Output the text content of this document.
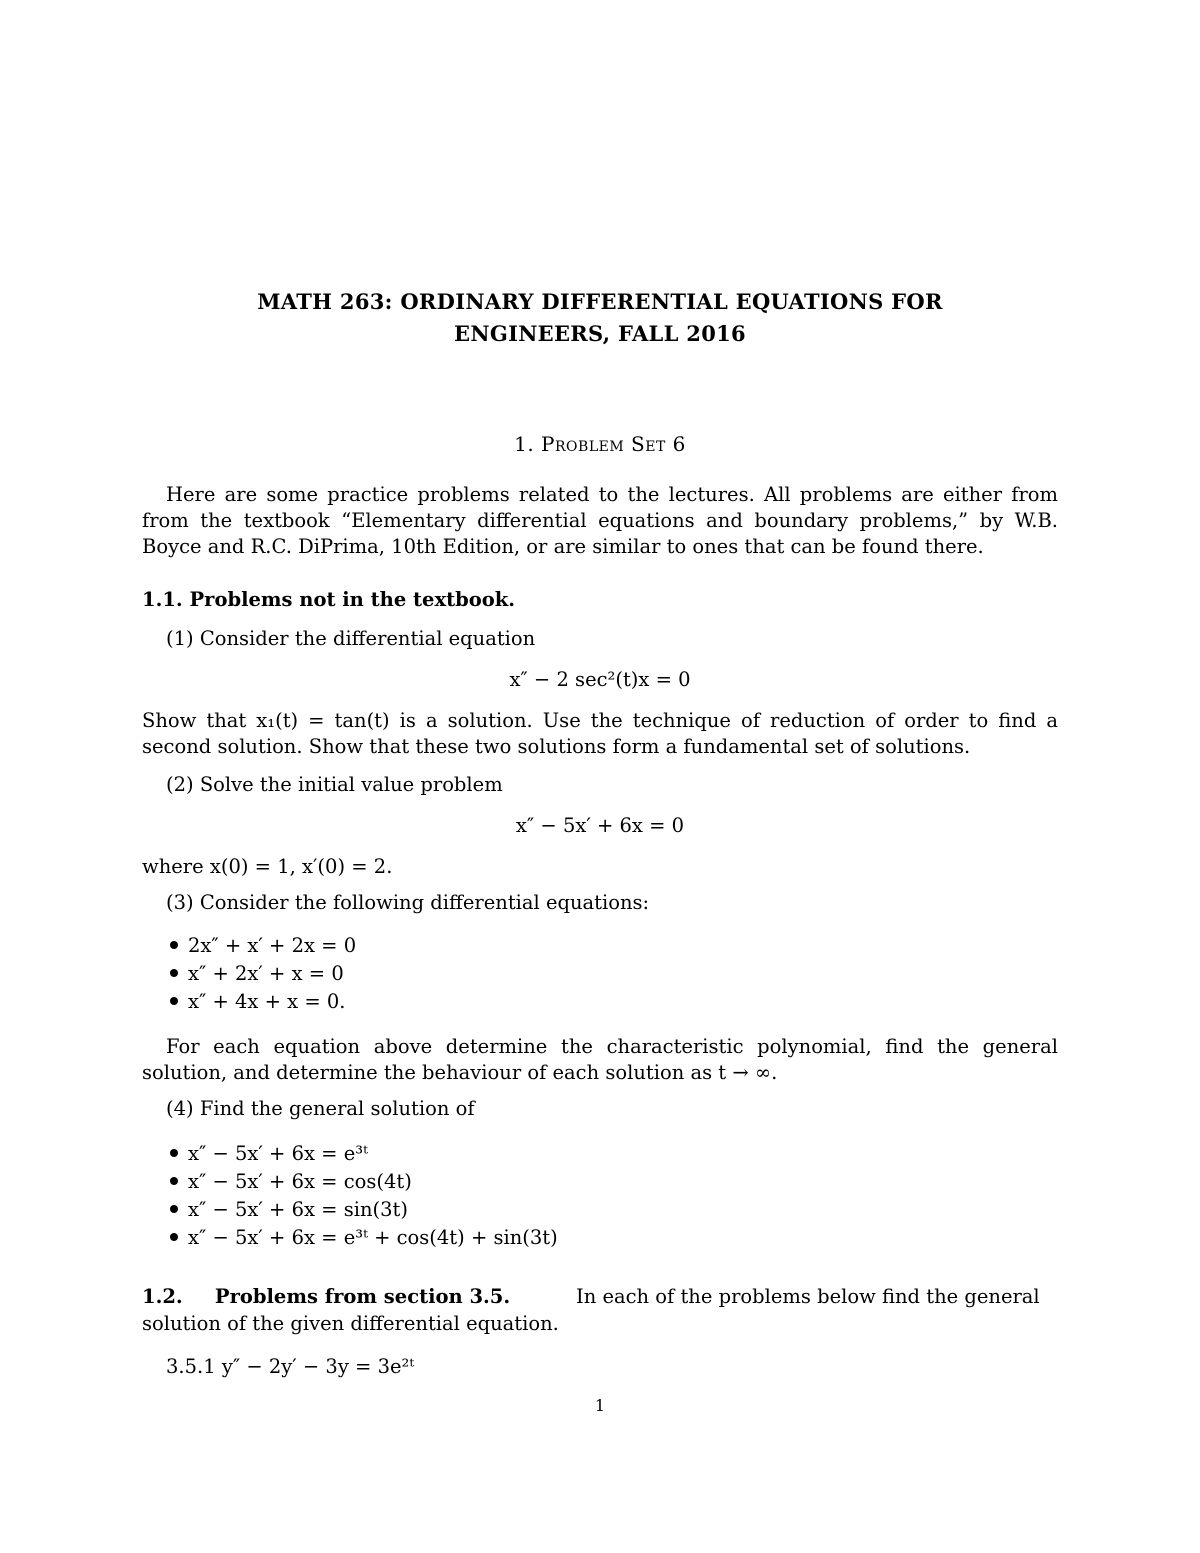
MATH 263: ORDINARY DIFFERENTIAL EQUATIONS FOR
ENGINEERS, FALL 2016
1. Problem Set 6
Here are some practice problems related to the lectures. All problems are either from from the textbook “Elementary differential equations and boundary problems,” by W.B. Boyce and R.C. DiPrima, 10th Edition, or are similar to ones that can be found there.
1.1. Problems not in the textbook.
(1) Consider the differential equation
x″ − 2 sec²(t)x = 0
Show that x₁(t) = tan(t) is a solution. Use the technique of reduction of order to find a second solution. Show that these two solutions form a fundamental set of solutions.
(2) Solve the initial value problem
x″ − 5x′ + 6x = 0
where x(0) = 1, x′(0) = 2.
(3) Consider the following differential equations:
2x″ + x′ + 2x = 0
x″ + 2x′ + x = 0
x″ + 4x + x = 0.
For each equation above determine the characteristic polynomial, find the general solution, and determine the behaviour of each solution as t → ∞.
(4) Find the general solution of
x″ − 5x′ + 6x = e³ᵗ
x″ − 5x′ + 6x = cos(4t)
x″ − 5x′ + 6x = sin(3t)
x″ − 5x′ + 6x = e³ᵗ + cos(4t) + sin(3t)
1.2. Problems from section 3.5.	In each of the problems below find the general
solution of the given differential equation.
3.5.1 y″ − 2y′ − 3y = 3e²ᵗ
1
